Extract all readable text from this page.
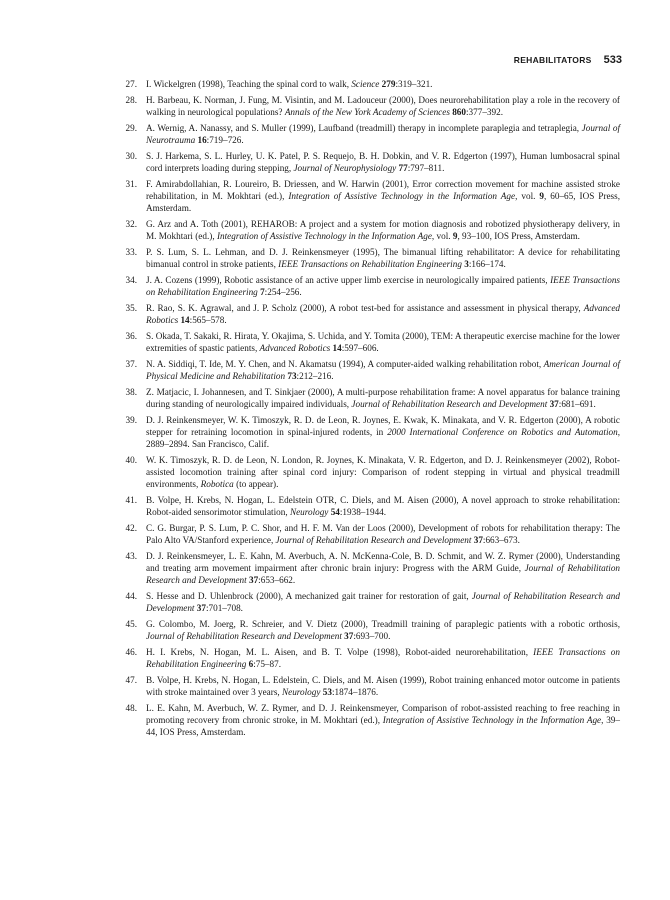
REHABILITATORS 533
27. I. Wickelgren (1998), Teaching the spinal cord to walk, Science 279:319–321.
28. H. Barbeau, K. Norman, J. Fung, M. Visintin, and M. Ladouceur (2000), Does neurorehabilitation play a role in the recovery of walking in neurological populations? Annals of the New York Academy of Sciences 860:377–392.
29. A. Wernig, A. Nanassy, and S. Muller (1999), Laufband (treadmill) therapy in incomplete paraplegia and tetraplegia, Journal of Neurotrauma 16:719–726.
30. S. J. Harkema, S. L. Hurley, U. K. Patel, P. S. Requejo, B. H. Dobkin, and V. R. Edgerton (1997), Human lumbosacral spinal cord interprets loading during stepping, Journal of Neurophysiology 77:797–811.
31. F. Amirabdollahian, R. Loureiro, B. Driessen, and W. Harwin (2001), Error correction movement for machine assisted stroke rehabilitation, in M. Mokhtari (ed.), Integration of Assistive Technology in the Information Age, vol. 9, 60–65, IOS Press, Amsterdam.
32. G. Arz and A. Toth (2001), REHAROB: A project and a system for motion diagnosis and robotized physiotherapy delivery, in M. Mokhtari (ed.), Integration of Assistive Technology in the Information Age, vol. 9, 93–100, IOS Press, Amsterdam.
33. P. S. Lum, S. L. Lehman, and D. J. Reinkensmeyer (1995), The bimanual lifting rehabilitator: A device for rehabilitating bimanual control in stroke patients, IEEE Transactions on Rehabilitation Engineering 3:166–174.
34. J. A. Cozens (1999), Robotic assistance of an active upper limb exercise in neurologically impaired patients, IEEE Transactions on Rehabilitation Engineering 7:254–256.
35. R. Rao, S. K. Agrawal, and J. P. Scholz (2000), A robot test-bed for assistance and assessment in physical therapy, Advanced Robotics 14:565–578.
36. S. Okada, T. Sakaki, R. Hirata, Y. Okajima, S. Uchida, and Y. Tomita (2000), TEM: A therapeutic exercise machine for the lower extremities of spastic patients, Advanced Robotics 14:597–606.
37. N. A. Siddiqi, T. Ide, M. Y. Chen, and N. Akamatsu (1994), A computer-aided walking rehabilitation robot, American Journal of Physical Medicine and Rehabilitation 73:212–216.
38. Z. Matjacic, I. Johannesen, and T. Sinkjaer (2000), A multi-purpose rehabilitation frame: A novel apparatus for balance training during standing of neurologically impaired individuals, Journal of Rehabilitation Research and Development 37:681–691.
39. D. J. Reinkensmeyer, W. K. Timoszyk, R. D. de Leon, R. Joynes, E. Kwak, K. Minakata, and V. R. Edgerton (2000), A robotic stepper for retraining locomotion in spinal-injured rodents, in 2000 International Conference on Robotics and Automation, 2889–2894. San Francisco, Calif.
40. W. K. Timoszyk, R. D. de Leon, N. London, R. Joynes, K. Minakata, V. R. Edgerton, and D. J. Reinkensmeyer (2002), Robot-assisted locomotion training after spinal cord injury: Comparison of rodent stepping in virtual and physical treadmill environments, Robotica (to appear).
41. B. Volpe, H. Krebs, N. Hogan, L. Edelstein OTR, C. Diels, and M. Aisen (2000), A novel approach to stroke rehabilitation: Robot-aided sensorimotor stimulation, Neurology 54:1938–1944.
42. C. G. Burgar, P. S. Lum, P. C. Shor, and H. F. M. Van der Loos (2000), Development of robots for rehabilitation therapy: The Palo Alto VA/Stanford experience, Journal of Rehabilitation Research and Development 37:663–673.
43. D. J. Reinkensmeyer, L. E. Kahn, M. Averbuch, A. N. McKenna-Cole, B. D. Schmit, and W. Z. Rymer (2000), Understanding and treating arm movement impairment after chronic brain injury: Progress with the ARM Guide, Journal of Rehabilitation Research and Development 37:653–662.
44. S. Hesse and D. Uhlenbrock (2000), A mechanized gait trainer for restoration of gait, Journal of Rehabilitation Research and Development 37:701–708.
45. G. Colombo, M. Joerg, R. Schreier, and V. Dietz (2000), Treadmill training of paraplegic patients with a robotic orthosis, Journal of Rehabilitation Research and Development 37:693–700.
46. H. I. Krebs, N. Hogan, M. L. Aisen, and B. T. Volpe (1998), Robot-aided neurorehabilitation, IEEE Transactions on Rehabilitation Engineering 6:75–87.
47. B. Volpe, H. Krebs, N. Hogan, L. Edelstein, C. Diels, and M. Aisen (1999), Robot training enhanced motor outcome in patients with stroke maintained over 3 years, Neurology 53:1874–1876.
48. L. E. Kahn, M. Averbuch, W. Z. Rymer, and D. J. Reinkensmeyer, Comparison of robot-assisted reaching to free reaching in promoting recovery from chronic stroke, in M. Mokhtari (ed.), Integration of Assistive Technology in the Information Age, 39–44, IOS Press, Amsterdam.
